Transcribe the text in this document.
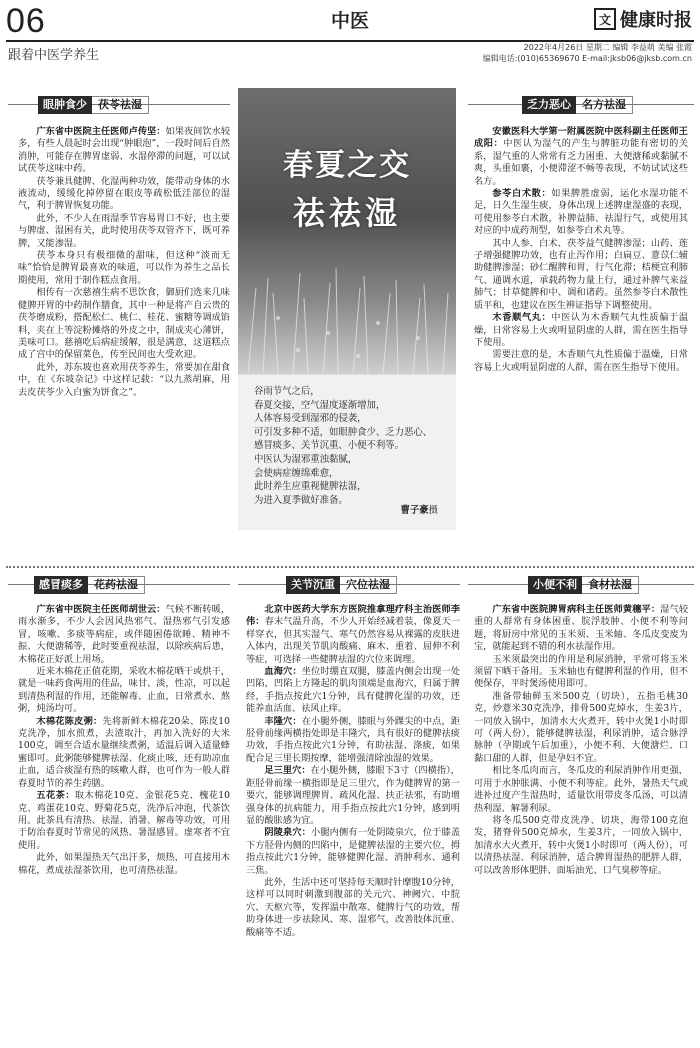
06	中医	文 健康时报
跟着中医学养生
2022年4月26日 星期二 编辑 李益萌 美编 张霞
编辑电话:(010)65369670 E-mail:jksb06@jksb.com.cn
眼肿食少	茯苓祛湿

广东省中医院主任医师卢传坚：如果夜间饮水较多，有些人晨起时会出现“肿眼泡”，一段时间后自然消肿，可能存在脾胃虚弱、水湿停滞的问题，可以试试茯苓这味中药。

茯苓兼具健脾、化湿两种功效，能带动身体的水液流动，缓缓化掉停留在眼皮等疏松低洼部位的湿气，利于脾胃恢复功能。

此外，不少人在雨湿季节容易胃口不好，也主要与脾虚、湿困有关，此时使用茯苓双管齐下，既可养脾，又能渗湿。

茯苓本身只有极细微的甜味，但这种“淡而无味”恰恰是脾胃最喜欢的味道，可以作为养生之品长期使用，常用于制作糕点食用。

相传有一次慈禧生病不思饮食，御厨们选来几味健脾开胃的中药制作膳食，其中一种是将产自云贵的茯苓磨成粉，搭配松仁、桃仁、桂花、蜜糖等调成馅料，夹在上等淀粉摊烙的外皮之中，制成夹心薄饼，美味可口。慈禧吃后病症缓解，很是满意，这道糕点成了宫中的保留菜色，传至民间也大受欢迎。

此外，苏东坡也喜欢用茯苓养生，常要加在甜食中，在《东坡杂记》中这样记载：“以九蒸胡麻，用去皮茯苓少入白蜜为饼食之”。

春夏之交
祛祛湿
谷雨节气之后，
春夏交接，空气湿度逐渐增加，
人体容易受到湿邪的侵袭，
可引发多种不适，如眼肿食少、乏力恶心、
感冒痰多、关节沉重、小便不利等。
中医认为湿邪重浊黏腻，
会使病症缠绵难愈，
此时养生应重视健脾祛湿，
为进入夏季做好准备。
曹子豪摄
乏力恶心	名方祛湿

安徽医科大学第一附属医院中医科副主任医师王成阳：中医认为湿气的产生与脾脏功能有密切的关系，湿气重的人常常有乏力困重、大便溏稀或黏腻不爽，头重如裹，小便滞涩不畅等表现，不妨试试这些名方。

参苓白术散：如果脾胜虚弱，运化水湿功能不足，日久生湿生痰，身体出现上述脾虚湿盛的表现，可使用参苓白术散，补脾益肺、祛湿行气，或使用其对应的中成药剂型，如参苓白术丸等。

其中人参、白术、茯苓益气健脾渗湿；山药、莲子增强健脾功效，也有止泻作用；白扁豆、薏苡仁辅助健脾渗湿；砂仁醒脾和胃，行气化滞；桔梗宣利肺气、通调水道，承载药物力量上行，通过补脾气来益肺气；甘草健脾和中、调和诸药。虽然参苓白术散性质平和，也建议在医生辨证指导下调整使用。

木香顺气丸：中医认为木香顺气丸性质偏于温燥，日常容易上火或明显阴虚的人群，需在医生指导下使用。

需要注意的是，木香顺气丸性质偏于温燥，日常容易上火或明显阴虚的人群，需在医生指导下使用。

感冒痰多	花药祛湿

广东省中医院主任医师胡世云：气候不断转暖，雨水渐多，不少人会因风热邪气、湿热邪气引发感冒，咳嗽、多痰等病症，或伴随困倦欲睡、精神不振、大便溏稀等，此时要重视祛湿，以除疾病后患，木棉花正好派上用场。

近来木棉花正值花期，采收木棉花晒干或烘干，就是一味药食两用的佳品，味甘、淡，性凉，可以起到清热利湿的作用，还能解毒、止血，日常煮水、熬粥，炖汤均可。

木棉花陈皮粥：先将新鲜木棉花20朵、陈皮10克洗净，加水煎煮，去渣取汁，再加入洗好的大米100克，调至合适水量继续煮粥，适温后调入适量蜂蜜即可。此粥能够健脾祛湿、化痰止咳，还有助凉血止血，适合痰湿有热的咳嗽人群，也可作为一般人群春夏时节的养生药膳。

五花茶：取木棉花10克、金银花5克、槐花10克、鸡蛋花10克、野菊花5克，洗净后冲泡，代茶饮用。此茶具有清热、祛湿、消暑、解毒等功效，可用于防治春夏时节常见的风热、暑湿感冒。虚寒者不宜使用。

此外，如果湿热天气出汗多，烦热，可直接用木棉花，煮成祛湿茶饮用，也可清热祛湿。

关节沉重	穴位祛湿

北京中医药大学东方医院推拿理疗科主治医师李伟：春末气温升高，不少人开始经减着装，像夏天一样穿衣，但其实湿气、寒气仍然容易从裸露的皮肤进入体内，出现关节肌肉酸痛、麻木、重着、屈伸不利等症，可选择一些健脾祛湿的穴位来调理。

血海穴：坐位时绷直双腿，膝盖内侧会出现一处凹陷，凹陷上方隆起的肌肉顶端是血海穴，归属于脾经，手指点按此穴1分钟，具有健脾化湿的功效，还能养血活血、祛风止痒。

丰隆穴：在小腿外侧，膝眼与外踝尖的中点，距胫骨前缘两横指处即是丰隆穴，具有很好的健脾祛痰功效，手指点按此穴1分钟，有助祛湿、涤痰，如果配合足三里长期按摩，能增强清除浊湿的效果。

足三里穴：在小腿外侧，膝眼下3寸（四横指），距胫骨前缘一横指即是足三里穴，作为健脾胃的第一要穴，能够调理脾胃、疏风化湿、扶正祛邪，有助增强身体的抗病能力，用手指点按此穴1分钟，感到明显的酸胀感为宜。

阴陵泉穴：小腿内侧有一处阴陵泉穴，位于膝盖下方胫骨内侧的凹陷中，是健脾祛湿的主要穴位，拇指点按此穴1分钟，能够健脾化湿、消肿利水、通利三焦。

此外，生活中还可坚持每天顺时针摩腹10分钟，这样可以同时刺激到腹部的关元穴、神阙穴、中脘穴、天枢穴等，发挥温中散寒、健脾行气的功效，帮助身体进一步祛除风、寒、湿邪气，改善肢体沉重、酸痛等不适。

小便不利	食材祛湿

广东省中医院脾胃病科主任医师黄穗平：湿气较重的人群常有身体困重、脘浮肢肿、小便不利等问题，将厨房中常见的玉米须、玉米轴、冬瓜皮变废为宝，就能起到不错的利水祛湿作用。

玉米须最突出的作用是利尿消肿，平常可将玉米须留下晒干备用。玉米轴也有健脾利湿的作用，但不便保存，平时煲汤使用即可。

准备带轴鲜玉米500克（切块），五指毛桃30克，炒薏米30克洗净，排骨500克焯水，生姜3片，一同放入锅中，加清水大火煮开，转中火煲1小时即可（两人份），能够健脾祛湿，利尿消肿，适合脉浮脉肿（孕期或午后加重），小便不利、大便溏烂、口黏口甜的人群，但是孕妇不宜。

相比冬瓜肉而言，冬瓜皮的利尿消肿作用更强，可用于水肿胀满、小便不利等症。此外，暑热天气或进补过度产生湿热时，适量饮用带皮冬瓜汤，可以清热利湿、解暑利尿。

将冬瓜500克带皮洗净、切块，海带100克泡发，猪脊骨500克焯水，生姜3片，一同放入锅中，加清水大火煮开，转中火煲1小时即可（两人份），可以清热祛湿、利尿消肿，适合脾胃湿热的肥胖人群，可以改善形体肥胖、面垢油光、口气臭秽等症。
